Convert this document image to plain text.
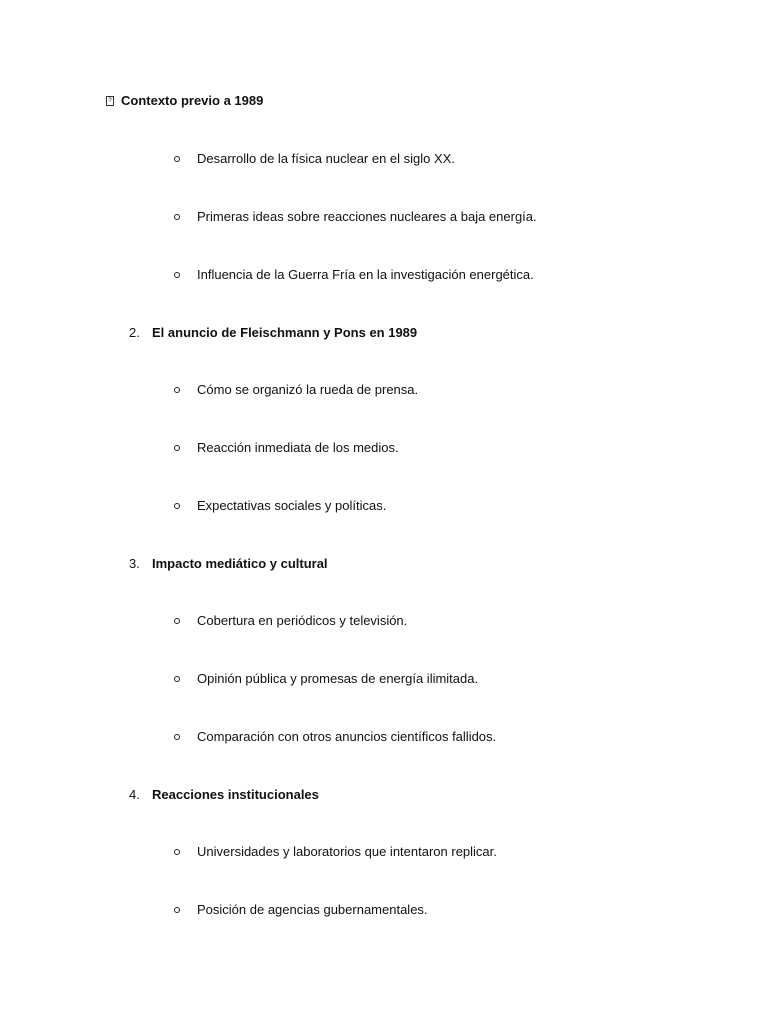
? Contexto previo a 1989
Desarrollo de la física nuclear en el siglo XX.
Primeras ideas sobre reacciones nucleares a baja energía.
Influencia de la Guerra Fría en la investigación energética.
2. El anuncio de Fleischmann y Pons en 1989
Cómo se organizó la rueda de prensa.
Reacción inmediata de los medios.
Expectativas sociales y políticas.
3. Impacto mediático y cultural
Cobertura en periódicos y televisión.
Opinión pública y promesas de energía ilimitada.
Comparación con otros anuncios científicos fallidos.
4. Reacciones institucionales
Universidades y laboratorios que intentaron replicar.
Posición de agencias gubernamentales.
